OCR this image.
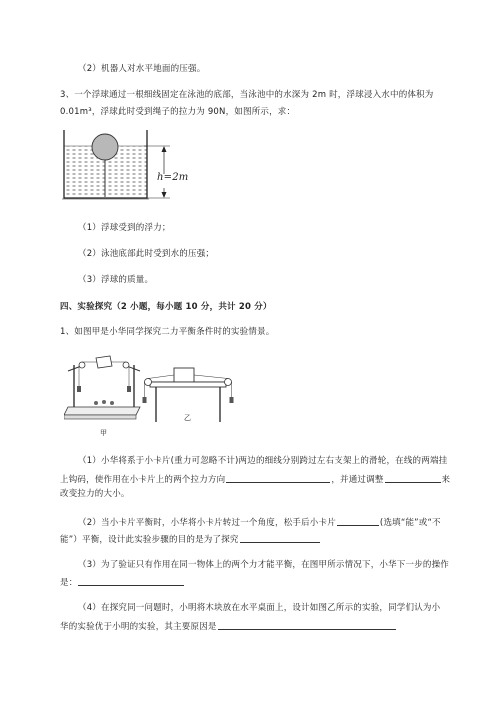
（2）机器人对水平地面的压强。
3、一个浮球通过一根细线固定在泳池的底部，当泳池中的水深为 2m 时，浮球浸入水中的体积为
0.01m³，浮球此时受到绳子的拉力为 90N，如图所示，求：
h=2m
（1）浮球受到的浮力；
（2）泳池底部此时受到水的压强；
（3）浮球的质量。
四、实验探究（2 小题，每小题 10 分，共计 20 分）
1、如图甲是小华同学探究二力平衡条件时的实验情景。
甲
乙
（1）小华将系于小卡片(重力可忽略不计)两边的细线分别跨过左右支架上的滑轮，在线的两端挂
上钩码，使作用在小卡片上的两个拉力方向	，并通过调整	来
改变拉力的大小。
（2）当小卡片平衡时，小华将小卡片转过一个角度，松手后小卡片	(选填“能”或“不
能”）平衡，设计此实验步骤的目的是为了探究
（3）为了验证只有作用在同一物体上的两个力才能平衡，在图甲所示情况下，小华下一步的操作
是：
（4）在探究同一问题时，小明将木块放在水平桌面上，设计如图乙所示的实验，同学们认为小
华的实验优于小明的实验，其主要原因是
